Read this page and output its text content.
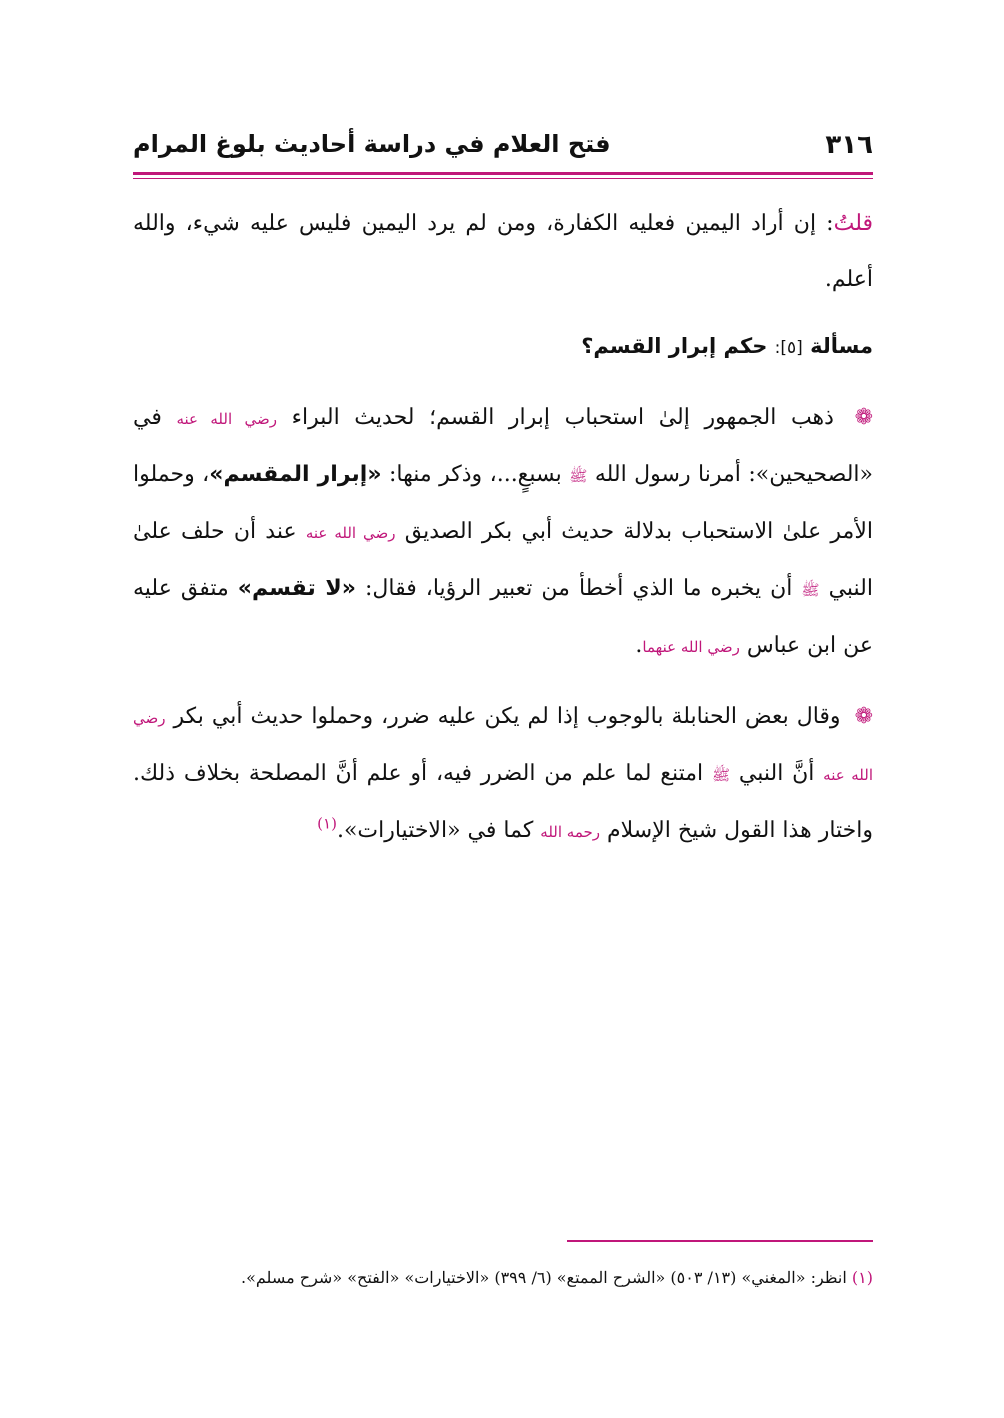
٣١٦
فتح العلام في دراسة أحاديث بلوغ المرام

قلتُ: إن أراد اليمين فعليه الكفارة، ومن لم يرد اليمين فليس عليه شيء، والله أعلم.

مسألة [٥]: حكم إبرار القسم؟

❁ ذهب الجمهور إلىٰ استحباب إبرار القسم؛ لحديث البراء رضي الله عنه في «الصحيحين»: أمرنا رسول الله ﷺ بسبعٍ...، وذكر منها: «إبرار المقسم»، وحملوا الأمر علىٰ الاستحباب بدلالة حديث أبي بكر الصديق رضي الله عنه عند أن حلف علىٰ النبي ﷺ أن يخبره ما الذي أخطأ من تعبير الرؤيا، فقال: «لا تقسم» متفق عليه عن ابن عباس رضي الله عنهما.

❁ وقال بعض الحنابلة بالوجوب إذا لم يكن عليه ضرر، وحملوا حديث أبي بكر رضي الله عنه أنَّ النبي ﷺ امتنع لما علم من الضرر فيه، أو علم أنَّ المصلحة بخلاف ذلك. واختار هذا القول شيخ الإسلام رحمه الله كما في «الاختيارات».$^{(١)}$

(١) انظر: «المغني» (١٣/ ٥٠٣) «الشرح الممتع» (٦/ ٣٩٩) «الاختيارات» «الفتح» «شرح مسلم».
